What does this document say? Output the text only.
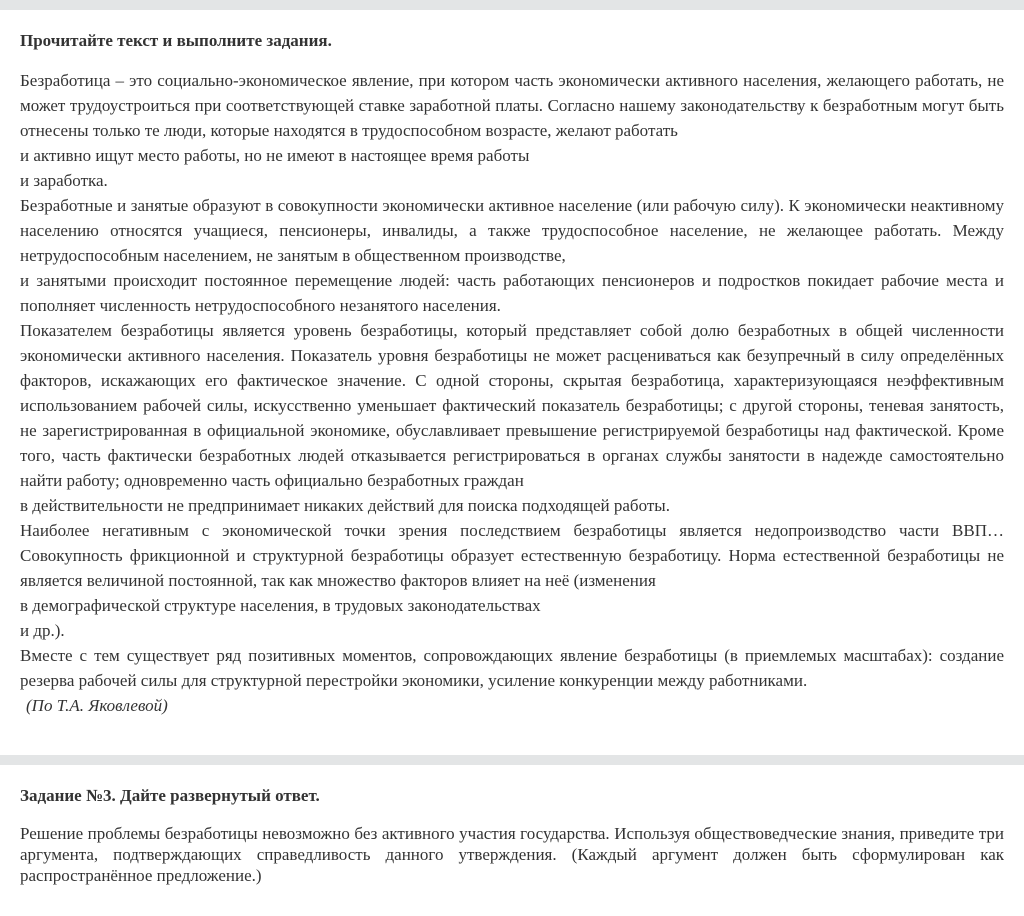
Прочитайте текст и выполните задания.

Безработица – это социально-экономическое явление, при котором часть экономически активного населения, желающего работать, не может трудоустроиться при соответствующей ставке заработной платы. Согласно нашему законодательству к безработным могут быть отнесены только те люди, которые находятся в трудоспособном возрасте, желают работать

и активно ищут место работы, но не имеют в настоящее время работы

и заработка.

Безработные и занятые образуют в совокупности экономически активное население (или рабочую силу). К экономически неактивному населению относятся учащиеся, пенсионеры, инвалиды, а также трудоспособное население, не желающее работать. Между нетрудоспособным населением, не занятым в общественном производстве,

и занятыми происходит постоянное перемещение людей: часть работающих пенсионеров и подростков покидает рабочие места и пополняет численность нетрудоспособного незанятого населения.

Показателем безработицы является уровень безработицы, который представляет собой долю безработных в общей численности экономически активного населения. Показатель уровня безработицы не может расцениваться как безупречный в силу определённых факторов, искажающих его фактическое значение. С одной стороны, скрытая безработица, характеризующаяся неэффективным использованием рабочей силы, искусственно уменьшает фактический показатель безработицы; с другой стороны, теневая занятость, не зарегистрированная в официальной экономике, обуславливает превышение регистрируемой безработицы над фактической. Кроме того, часть фактически безработных людей отказывается регистрироваться в органах службы занятости в надежде самостоятельно найти работу; одновременно часть официально безработных граждан

в действительности не предпринимает никаких действий для поиска подходящей работы.

Наиболее негативным с экономической точки зрения последствием безработицы является недопроизводство части ВВП… Совокупность фрикционной и структурной безработицы образует естественную безработицу. Норма естественной безработицы не является величиной постоянной, так как множество факторов влияет на неё (изменения

в демографической структуре населения, в трудовых законодательствах

и др.).

Вместе с тем существует ряд позитивных моментов, сопровождающих явление безработицы (в приемлемых масштабах): создание резерва рабочей силы для структурной перестройки экономики, усиление конкуренции между работниками.

(По Т.А. Яковлевой)

Задание №3. Дайте развернутый ответ.

Решение проблемы безработицы невозможно без активного участия государства. Используя обществоведческие знания, приведите три аргумента, подтверждающих справедливость данного утверждения. (Каждый аргумент должен быть сформулирован как распространённое предложение.)
